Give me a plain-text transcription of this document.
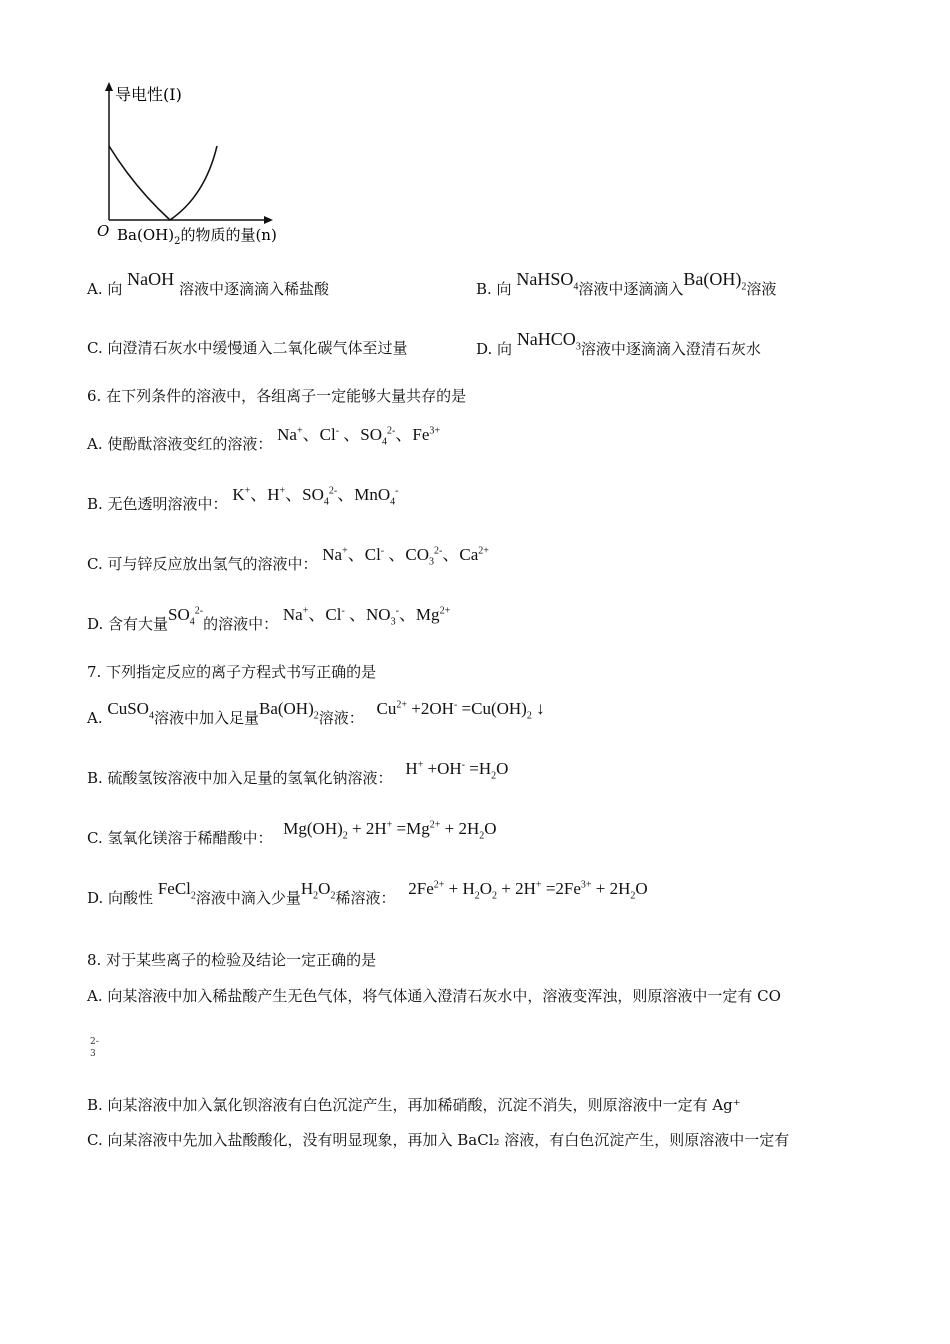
导电性(I)
O $Ba(OH)_2$的物质的量(n)
A. 向 NaOH 溶液中逐滴滴入稀盐酸	B. 向 NaHSO$_4$溶液中逐滴滴入$Ba(OH)_2$溶液
C. 向澄清石灰水中缓慢通入二氧化碳气体至过量	D. 向 NaHCO$_3$溶液中逐滴滴入澄清石灰水
6. 在下列条件的溶液中，各组离子一定能够大量共存的是
A. 使酚酞溶液变红的溶液： Na+、Cl- 、$SO_4^{2-}$、$Fe^{3+}$
B. 无色透明溶液中： K+、H+、$SO_4^{2-}$、MnO$_4$-
C. 可与锌反应放出氢气的溶液中： Na+、Cl- 、$CO_3^{2-}$、$Ca^{2+}$
D. 含有大量$SO_4^{2-}$的溶液中： Na+、Cl- 、$NO_3^-$、$Mg^{2+}$
7. 下列指定反应的离子方程式书写正确的是
A. CuSO$_4$溶液中加入足量$Ba(OH)_2$溶液： $Cu^{2+} +2OH^- =Cu(OH)_2$ ↓
B. 硫酸氢铵溶液中加入足量的氢氧化钠溶液： $H^+ +OH^- =H_2O$
C. 氢氧化镁溶于稀醋酸中： $Mg(OH)_2 + 2H^+ =Mg^{2+} + 2H_2O$
D. 向酸性 FeCl$_2$溶液中滴入少量$H_2O_2$稀溶液： $2Fe^{2+} + H_2O_2 + 2H^+ =2Fe^{3+} + 2H_2O$
8. 对于某些离子的检验及结论一定正确的是
A. 向某溶液中加入稀盐酸产生无色气体，将气体通入澄清石灰水中，溶液变浑浊，则原溶液中一定有 CO
2-
3
B. 向某溶液中加入氯化钡溶液有白色沉淀产生，再加稀硝酸，沉淀不消失，则原溶液中一定有 Ag⁺
C. 向某溶液中先加入盐酸酸化，没有明显现象，再加入 BaCl₂ 溶液，有白色沉淀产生，则原溶液中一定有
